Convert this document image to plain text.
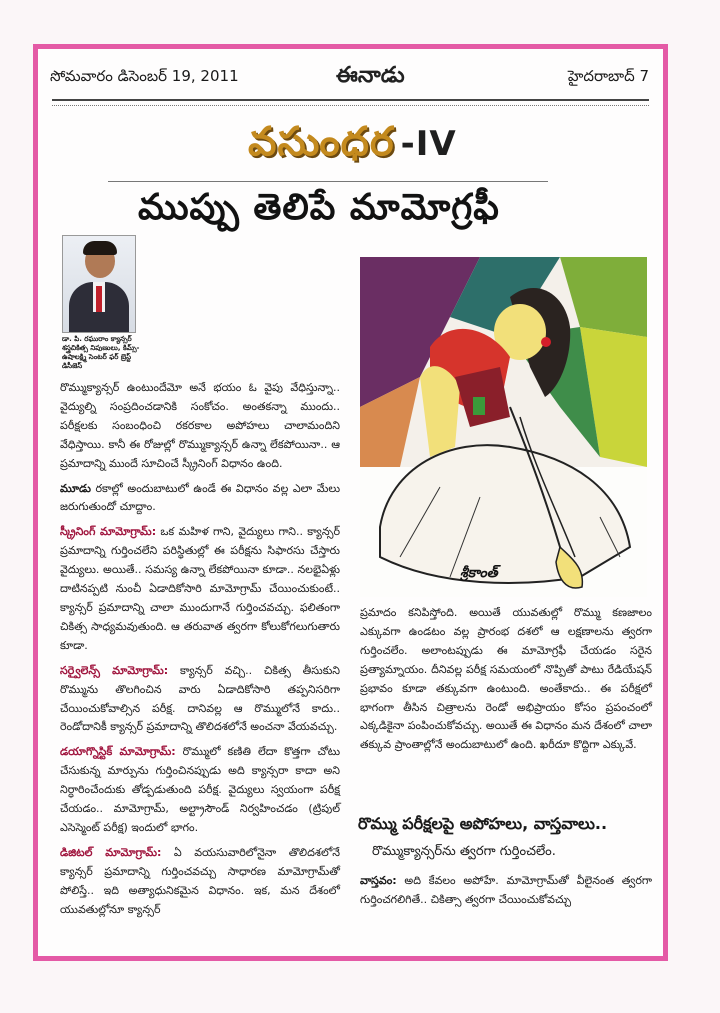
సోమవారం డిసెంబర్ 19, 2011	ఈనాడు	హైదరాబాద్ 7
వసుంధర -IV
ముప్పు తెలిపే మామోగ్రఫీ
డా. పి. రఘురాం క్యాన్సర్ శస్త్రచికిత్స నిపుణులు, కిమ్స్-ఉషాలక్ష్మి సెంటర్ ఫర్ బ్రెస్ట్ డిసీజెస్
శ్రీకాంత్

రొమ్ముక్యాన్సర్ ఉంటుందేమో అనే భయం ఓ వైపు వేధిస్తున్నా.. వైద్యుల్ని సంప్రదించడానికి సంకోచం. అంతకన్నా ముందు.. పరీక్షలకు సంబంధించి రకరకాల అపోహలు చాలామందిని వేధిస్తాయి. కానీ ఈ రోజుల్లో రొమ్ముక్యాన్సర్ ఉన్నా లేకపోయినా.. ఆ ప్రమాదాన్ని ముందే సూచించే స్క్రీనింగ్ విధానం ఉంది.

మూడు రకాల్లో అందుబాటులో ఉండే ఈ విధానం వల్ల ఎలా మేలు జరుగుతుందో చూద్దాం.

స్క్రీనింగ్ మామోగ్రామ్: ఒక మహిళ గాని, వైద్యులు గాని.. క్యాన్సర్ ప్రమాదాన్ని గుర్తించలేని పరిస్థితుల్లో ఈ పరీక్షను సిఫారసు చేస్తారు వైద్యులు. అయితే.. సమస్య ఉన్నా లేకపోయినా కూడా.. నలభైఏళ్లు దాటినప్పటి నుంచీ ఏడాదికోసారి మామోగ్రామ్ చేయించుకుంటే.. క్యాన్సర్ ప్రమాదాన్ని చాలా ముందుగానే గుర్తించవచ్చు. ఫలితంగా చికిత్స సాధ్యమవుతుంది. ఆ తరువాత త్వరగా కోలుకోగలుగుతారు కూడా.

సర్వైలెన్స్ మామోగ్రామ్: క్యాన్సర్ వచ్చి.. చికిత్స తీసుకుని రొమ్మును తొలగించిన వారు ఏడాదికోసారి తప్పనిసరిగా చేయించుకోవాల్సిన పరీక్ష. దానివల్ల ఆ రొమ్ములోనే కాదు.. రెండోదానికీ క్యాన్సర్ ప్రమాదాన్ని తొలిదశలోనే అంచనా వేయవచ్చు.

డయాగ్నొస్టిక్ మామోగ్రామ్: రొమ్ములో కణితి లేదా కొత్తగా చోటు చేసుకున్న మార్పును గుర్తించినప్పుడు అది క్యాన్సరా కాదా అని నిర్ధారించేందుకు తోడ్పడుతుంది పరీక్ష. వైద్యులు స్వయంగా పరీక్ష చేయడం.. మామోగ్రామ్, అల్ట్రాసౌండ్ నిర్వహించడం (ట్రిపుల్ ఎసెస్మెంట్ పరీక్ష) ఇందులో భాగం.

డిజిటల్ మామోగ్రామ్: ఏ వయసువారిలోనైనా తొలిదశలోనే క్యాన్సర్ ప్రమాదాన్ని గుర్తించవచ్చు సాధారణ మామోగ్రామ్‌తో పోలిస్తే.. ఇది అత్యాధునికమైన విధానం. ఇక, మన దేశంలో యువతుల్లోనూ క్యాన్సర్

ప్రమాదం కనిపిస్తోంది. అయితే యువతుల్లో రొమ్ము కణజాలం ఎక్కువగా ఉండటం వల్ల ప్రారంభ దశలో ఆ లక్షణాలను త్వరగా గుర్తించలేం. అలాంటప్పుడు ఈ మామోగ్రఫీ చేయడం సరైన ప్రత్యామ్నాయం. దీనివల్ల పరీక్ష సమయంలో నొప్పితో పాటు రేడియేషన్ ప్రభావం కూడా తక్కువగా ఉంటుంది. అంతేకాదు.. ఈ పరీక్షలో భాగంగా తీసిన చిత్రాలను రెండో అభిప్రాయం కోసం ప్రపంచంలో ఎక్కడికైనా పంపించుకోవచ్చు. అయితే ఈ విధానం మన దేశంలో చాలా తక్కువ ప్రాంతాల్లోనే అందుబాటులో ఉంది. ఖరీదూ కొద్దిగా ఎక్కువే.

రొమ్ము పరీక్షలపై అపోహలు, వాస్తవాలు..
రొమ్ముక్యాన్సర్‌ను త్వరగా గుర్తించలేం.
వాస్తవం: అది కేవలం అపోహే. మామోగ్రామ్‌తో వీలైనంత త్వరగా గుర్తించగలిగితే.. చికిత్సా త్వరగా చేయించుకోవచ్చు
